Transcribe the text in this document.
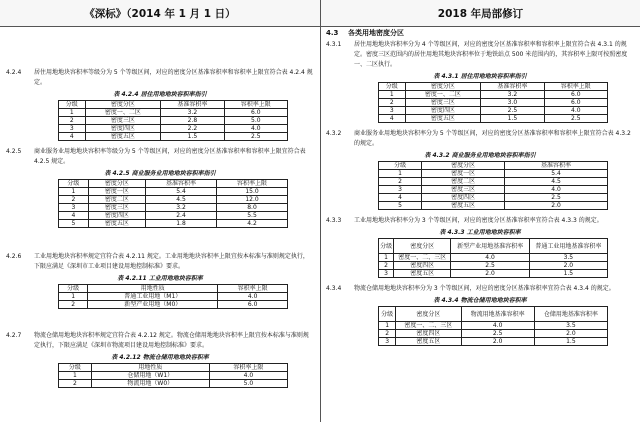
《深标》（2014 年 1 月 1 日）	2018 年局部修订
4.2.4	居住用地地块容积率等级分为 5 个等级区间，对应的密度分区基准容积率和容积率上限宜符合表 4.2.4 规定。
表 4.2.4 居住用地地块容积率指引
分级	密度分区	基准容积率	容积率上限
1	密度一、二区	3.2	6.0
2	密度三区	2.8	5.0
3	密度四区	2.2	4.0
4	密度五区	1.5	2.5
4.2.5	商业服务业用地地块容积率等级分为 5 个等级区间，对应的密度分区基准容积率和容积率上限宜符合表 4.2.5 规定。
表 4.2.5 商业服务业用地地块容积率指引
分级	密度分区	基准容积率	容积率上限
1	密度一区	5.4	15.0
2	密度二区	4.5	12.0
3	密度三区	3.2	8.0
4	密度四区	2.4	5.5
5	密度五区	1.8	4.2
4.2.6	工业用地地块容积率规定宜符合表 4.2.11 规定。工业用地地块容积率上限宜按本标准与准则规定执行，下限应满足《深圳市工业项目建设用地控制标准》要求。
表 4.2.11 工业用地地块容积率
分级	用地性质	容积率上限
1	普通工业用地（M1）	4.0
2	新型产业用地（M0）	6.0
4.2.7	物流仓储用地地块容积率规定宜符合表 4.2.12 规定。物流仓储用地地块容积率上限宜按本标准与准则规定执行，下限应满足《深圳市物流项目建设用地控制标准》要求。
表 4.2.12 物流仓储用地地块容积率
分级	用地性质	容积率上限
1	仓储用地（W1）	4.0
2	物流用地（W0）	5.0
4.3 各类用地密度分区
4.3.1	居住用地地块容积率分为 4 个等级区间，对应的密度分区基准容积率和容积率上限宜符合表 4.3.1 的规定。密度三区范围内的居住用地其地块容积率位于地铁站点 500 米范围内的，其容积率上限可按照密度一、二区执行。
表 4.3.1 居住用地地块容积率指引
分级	密度分区	基准容积率	容积率上限
1	密度一、二区	3.2	6.0
2	密度三区	3.0	6.0
3	密度四区	2.5	4.0
4	密度五区	1.5	2.5
4.3.2	商业服务业用地地块容积率分为 5 个等级区间，对应的密度分区基准容积率和容积率上限宜符合表 4.3.2 的规定。
表 4.3.2 商业服务业用地地块容积率指引
分级	密度分区	基准容积率
1	密度一区	5.4
2	密度二区	4.5
3	密度三区	4.0
4	密度四区	2.5
5	密度五区	2.0
4.3.3	工业用地地块容积率分为 3 个等级区间，对应的密度分区基准容积率宜符合表 4.3.3 的规定。
表 4.3.3 工业用地地块容积率
分级	密度分区	新型产业用地基准容积率	普通工业用地基准容积率
1	密度一、二、三区	4.0	3.5
2	密度四区	2.5	2.0
3	密度五区	2.0	1.5
4.3.4	物流仓储用地地块容积率分为 3 个等级区间，对应的密度分区基准容积率宜符合表 4.3.4 的规定。
表 4.3.4 物流仓储用地地块容积率
分级	密度分区	物流用地基准容积率	仓储用地基准容积率
1	密度一、二、三区	4.0	3.5
2	密度四区	2.5	2.0
3	密度五区	2.0	1.5
